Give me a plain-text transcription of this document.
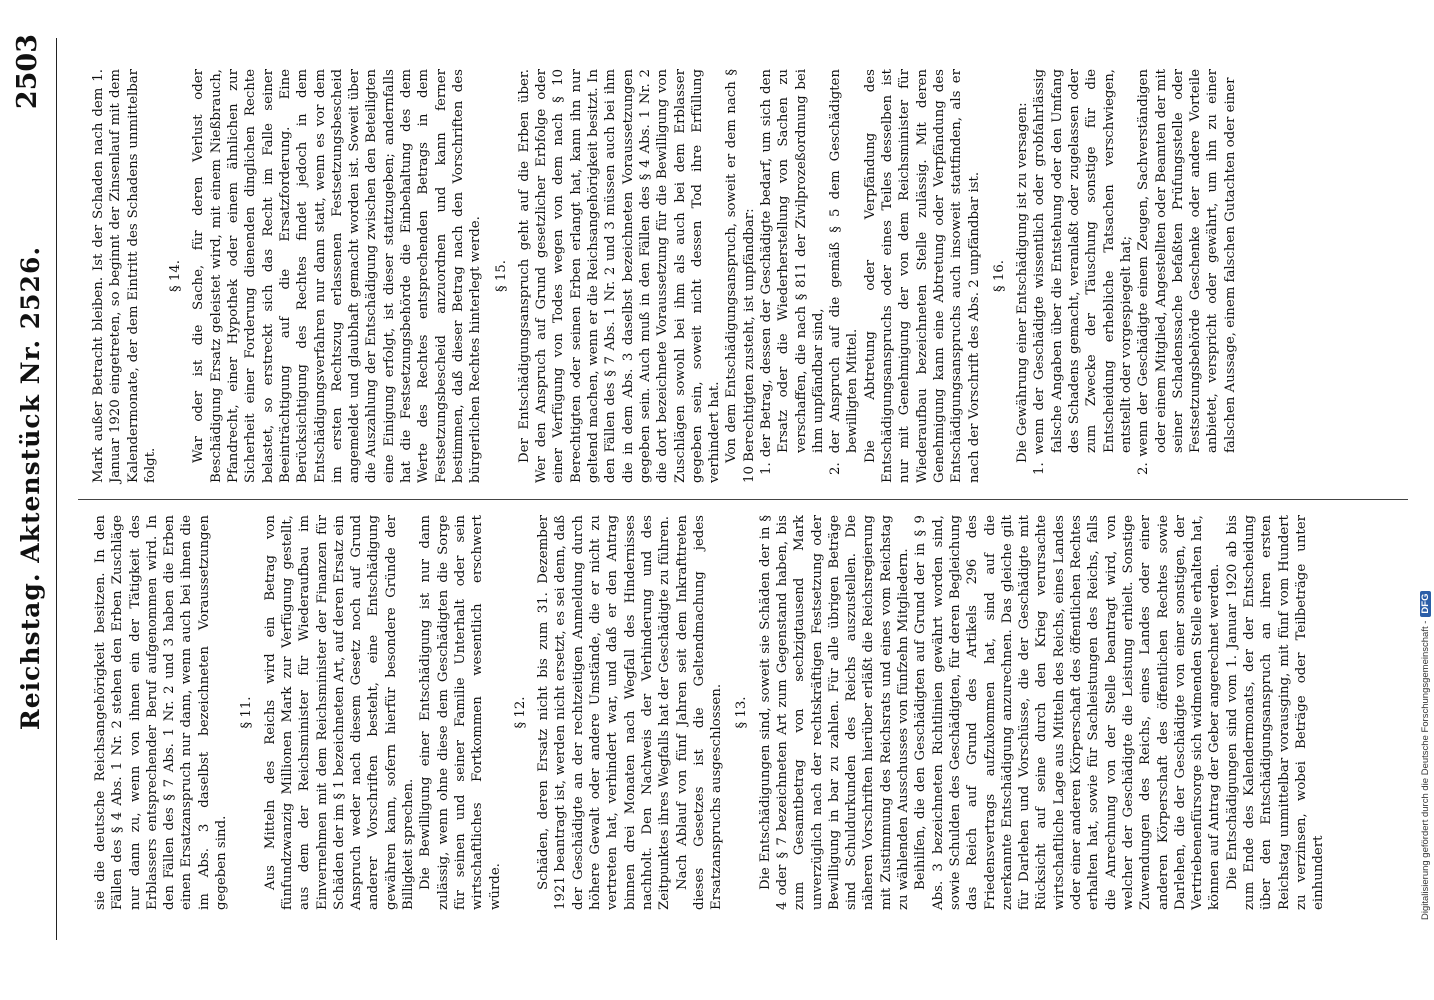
Reichstag. Aktenstück Nr. 2526.
2503

sie die deutsche Reichsangehörigkeit besitzen. In den Fällen des § 4 Abs. 1 Nr. 2 stehen den Erben Zuschläge nur dann zu, wenn von ihnen ein der Tätigkeit des Erblassers entsprechender Beruf aufgenommen wird. In den Fällen des § 7 Abs. 1 Nr. 2 und 3 haben die Erben einen Ersatzanspruch nur dann, wenn auch bei ihnen die im Abs. 3 daselbst bezeichneten Voraussetzungen gegeben sind.

§ 11. Aus Mitteln des Reichs wird ein Betrag von fünfundzwanzig Millionen Mark zur Verfügung gestellt, aus dem der Reichsminister für Wiederaufbau im Einvernehmen mit dem Reichsminister der Finanzen für Schäden der im § 1 bezeichneten Art, auf deren Ersatz ein Anspruch weder nach diesem Gesetz noch auf Grund anderer Vorschriften besteht, eine Entschädigung gewähren kann, sofern hierfür besondere Gründe der Billigkeit sprechen. Die Bewilligung einer Entschädigung ist nur dann zulässig, wenn ohne diese dem Geschädigten die Sorge für seinen und seiner Familie Unterhalt oder sein wirtschaftliches Fortkommen wesentlich erschwert würde.

§ 12. Schäden, deren Ersatz nicht bis zum 31. Dezember 1921 beantragt ist, werden nicht ersetzt, es sei denn, daß der Geschädigte an der rechtzeitigen Anmeldung durch höhere Gewalt oder andere Umstände, die er nicht zu vertreten hat, verhindert war, und daß er den Antrag binnen drei Monaten nach Wegfall des Hindernisses nachholt. Den Nachweis der Verhinderung und des Zeitpunktes ihres Wegfalls hat der Geschädigte zu führen. Nach Ablauf von fünf Jahren seit dem Inkrafttreten dieses Gesetzes ist die Geltendmachung jedes Ersatzanspruchs ausgeschlossen. § 13. Die Entschädigungen sind, soweit sie Schäden der in § 4 oder § 7 bezeichneten Art zum Gegenstand haben, bis zum Gesamtbetrag von sechzigtausend Mark unverzüglich nach der rechtskräftigen Festsetzung oder Bewilligung in bar zu zahlen. Für alle übrigen Beträge sind Schuldurkunden des Reichs auszustellen. Die näheren Vorschriften hierüber erläßt die Reichsregierung mit Zustimmung des Reichsrats und eines vom Reichstag zu wählenden Ausschusses von fünfzehn Mitgliedern. Beihilfen, die den Geschädigten auf Grund der in § 9 Abs. 3 bezeichneten Richtlinien gewährt worden sind, sowie Schulden des Geschädigten, für deren Begleichung das Reich auf Grund des Artikels 296 des Friedensvertrags aufzukommen hat, sind auf die zuerkannte Entschädigung anzurechnen. Das gleiche gilt für Darlehen und Vorschüsse, die der Geschädigte mit Rücksicht auf seine durch den Krieg verursachte wirtschaftliche Lage aus Mitteln des Reichs, eines Landes oder einer anderen Körperschaft des öffentlichen Rechtes erhalten hat, sowie für Sachleistungen des Reichs, falls die Anrechnung von der Stelle beantragt wird, von welcher der Geschädigte die Leistung erhielt. Sonstige Zuwendungen des Reichs, eines Landes oder einer anderen Körperschaft des öffentlichen Rechtes sowie Darlehen, die der Geschädigte von einer sonstigen, der Vertriebenenfürsorge sich widmenden Stelle erhalten hat, können auf Antrag der Geber angerechnet werden. Die Entschädigungen sind vom 1. Januar 1920 ab bis zum Ende des Kalendermonats, der der Entscheidung über den Entschädigungsanspruch an ihren ersten Reichstag unmittelbar vorausging, mit fünf vom Hundert zu verzinsen, wobei Beträge oder Teilbeträge unter einhundert

Mark außer Betracht bleiben. Ist der Schaden nach dem 1. Januar 1920 eingetreten, so beginnt der Zinsenlauf mit dem Kalendermonate, der dem Eintritt des Schadens unmittelbar folgt.

§ 14. War oder ist die Sache, für deren Verlust oder Beschädigung Ersatz geleistet wird, mit einem Nießbrauch, Pfandrecht, einer Hypothek oder einem ähnlichen zur Sicherheit einer Forderung dienenden dinglichen Rechte belastet, so erstreckt sich das Recht im Falle seiner Beeinträchtigung auf die Ersatzforderung. Eine Berücksichtigung des Rechtes findet jedoch in dem Entschädigungsverfahren nur dann statt, wenn es vor dem im ersten Rechtszug erlassenen Festsetzungsbescheid angemeldet und glaubhaft gemacht worden ist. Soweit über die Auszahlung der Entschädigung zwischen den Beteiligten eine Einigung erfolgt, ist dieser stattzugeben; andernfalls hat die Festsetzungsbehörde die Einbehaltung des dem Werte des Rechtes entsprechenden Betrags in dem Festsetzungsbescheid anzuordnen und kann ferner bestimmen, daß dieser Betrag nach den Vorschriften des bürgerlichen Rechtes hinterlegt werde. § 15. Der Entschädigungsanspruch geht auf die Erben über. Wer den Anspruch auf Grund gesetzlicher Erbfolge oder einer Verfügung von Todes wegen von dem nach § 10 Berechtigten oder seinen Erben erlangt hat, kann ihn nur geltend machen, wenn er die Reichsangehörigkeit besitzt. In den Fällen des § 7 Abs. 1 Nr. 2 und 3 müssen auch bei ihm die in dem Abs. 3 daselbst bezeichneten Voraussetzungen gegeben sein. Auch muß in den Fällen des § 4 Abs. 1 Nr. 2 die dort bezeichnete Voraussetzung für die Bewilligung von Zuschlägen sowohl bei ihm als auch bei dem Erblasser gegeben sein, soweit nicht dessen Tod ihre Erfüllung verhindert hat. Von dem Entschädigungsanspruch, soweit er dem nach § 10 Berechtigten zusteht, ist unpfändbar: 1. der Betrag, dessen der Geschädigte bedarf, um sich den Ersatz oder die Wiederherstellung von Sachen zu verschaffen, die nach § 811 der Zivilprozeßordnung bei ihm unpfändbar sind, 2. der Anspruch auf die gemäß § 5 dem Geschädigten bewilligten Mittel. Die Abtretung oder Verpfändung des Entschädigungsanspruchs oder eines Teiles desselben ist nur mit Genehmigung der von dem Reichsminister für Wiederaufbau bezeichneten Stelle zulässig. Mit deren Genehmigung kann eine Abtretung oder Verpfändung des Entschädigungsanspruchs auch insoweit stattfinden, als er nach der Vorschrift des Abs. 2 unpfändbar ist. § 16. Die Gewährung einer Entschädigung ist zu versagen: 1. wenn der Geschädigte wissentlich oder grobfahrlässig falsche Angaben über die Entstehung oder den Umfang des Schadens gemacht, veranlaßt oder zugelassen oder zum Zwecke der Täuschung sonstige für die Entscheidung erhebliche Tatsachen verschwiegen, entstellt oder vorgespiegelt hat; 2. wenn der Geschädigte einem Zeugen, Sachverständigen oder einem Mitglied, Angestellten oder Beamten der mit seiner Schadenssache befaßten Prüfungsstelle oder Festsetzungsbehörde Geschenke oder andere Vorteile anbietet, verspricht oder gewährt, um ihn zu einer falschen Aussage, einem falschen Gutachten oder einer
Digitalisierung gefördert durch die Deutsche Forschungsgemeinschaft -DFG
